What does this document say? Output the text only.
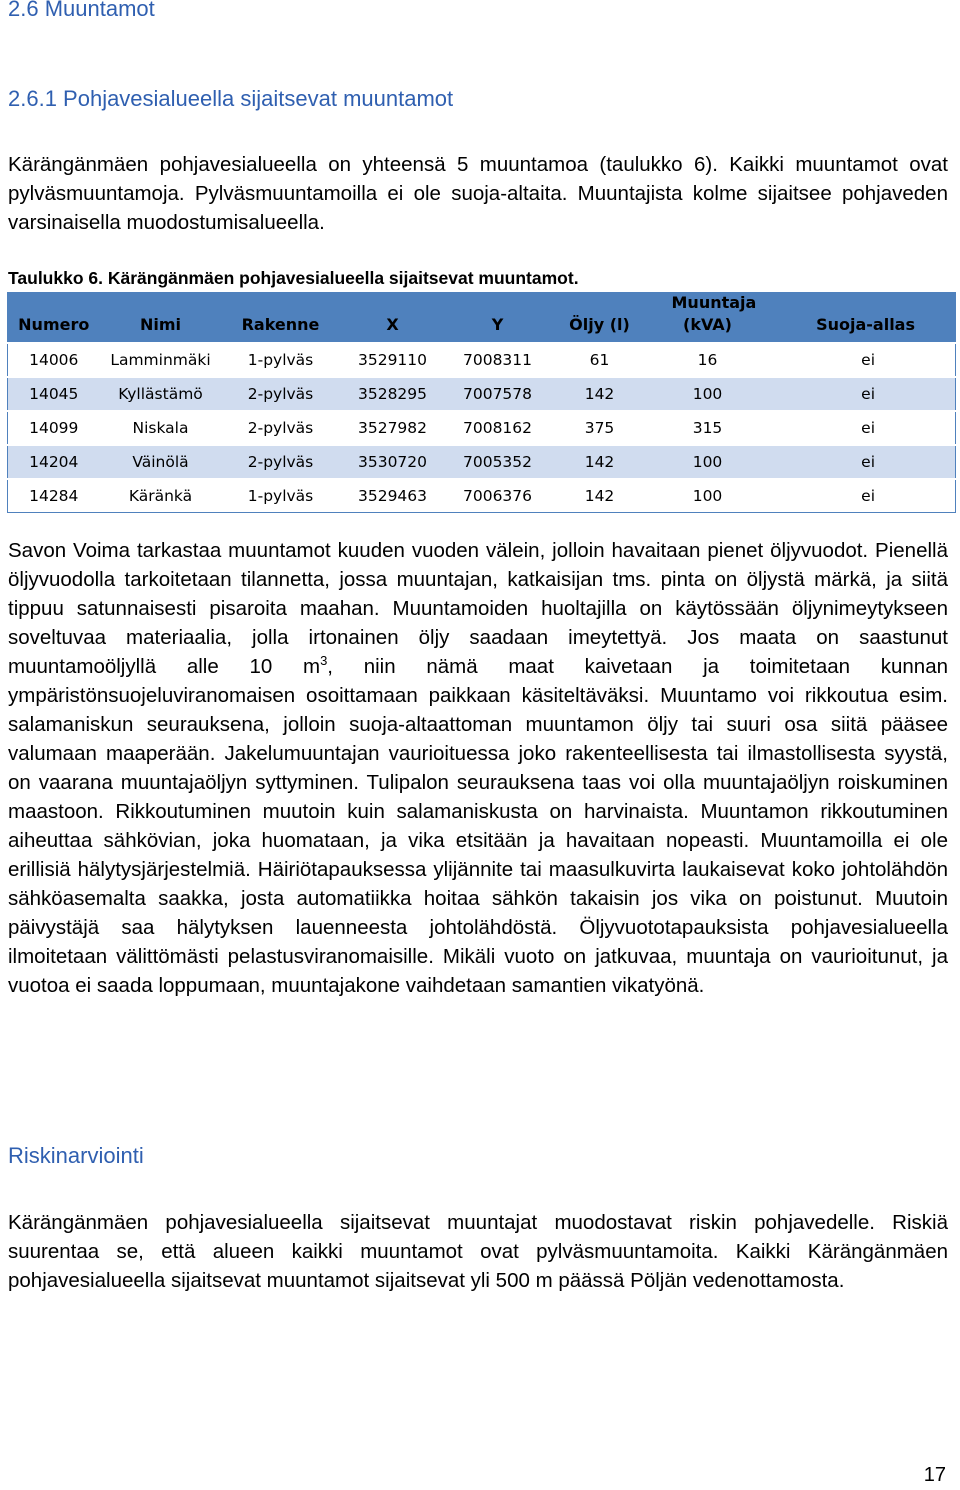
2.6 Muuntamot
2.6.1 Pohjavesialueella sijaitsevat muuntamot

Kärängänmäen pohjavesialueella on yhteensä 5 muuntamoa (taulukko 6). Kaikki muuntamot ovat pylväsmuuntamoja. Pylväsmuuntamoilla ei ole suoja-altaita. Muuntajista kolme sijaitsee pohjaveden varsinaisella muodostumisalueella.

Taulukko 6. Kärängänmäen pohjavesialueella sijaitsevat muuntamot.

Numero	Nimi	Rakenne	X	Y	Öljy (l)	Muuntaja (kVA)	Suoja-allas
14006	Lamminmäki	1-pylväs	3529110	7008311	61	16	ei
14045	Kyllästämö	2-pylväs	3528295	7007578	142	100	ei
14099	Niskala	2-pylväs	3527982	7008162	375	315	ei
14204	Väinölä	2-pylväs	3530720	7005352	142	100	ei
14284	Käränkä	1-pylväs	3529463	7006376	142	100	ei

Savon Voima tarkastaa muuntamot kuuden vuoden välein, jolloin havaitaan pienet öljyvuodot. Pienellä öljyvuodolla tarkoitetaan tilannetta, jossa muuntajan, katkaisijan tms. pinta on öljystä märkä, ja siitä tippuu satunnaisesti pisaroita maahan. Muuntamoiden huoltajilla on käytössään öljynimeytykseen soveltuvaa materiaalia, jolla irtonainen öljy saadaan imeytettyä. Jos maata on saastunut muuntamoöljyllä alle 10 $m^3$, niin nämä maat kaivetaan ja toimitetaan kunnan ympäristönsuojeluviranomaisen osoittamaan paikkaan käsiteltäväksi. Muuntamo voi rikkoutua esim. salamaniskun seurauksena, jolloin suoja-altaattoman muuntamon öljy tai suuri osa siitä pääsee valumaan maaperään. Jakelumuuntajan vaurioituessa joko rakenteellisesta tai ilmastollisesta syystä, on vaarana muuntajaöljyn syttyminen. Tulipalon seurauksena taas voi olla muuntajaöljyn roiskuminen maastoon. Rikkoutuminen muutoin kuin salamaniskusta on harvinaista. Muuntamon rikkoutuminen aiheuttaa sähkövian, joka huomataan, ja vika etsitään ja havaitaan nopeasti. Muuntamoilla ei ole erillisiä hälytysjärjestelmiä. Häiriötapauksessa ylijännite tai maasulkuvirta laukaisevat koko johtolähdön sähköasemalta saakka, josta automatiikka hoitaa sähkön takaisin jos vika on poistunut. Muutoin päivystäjä saa hälytyksen lauenneesta johtolähdöstä. Öljyvuototapauksista pohjavesialueella ilmoitetaan välittömästi pelastusviranomaisille. Mikäli vuoto on jatkuvaa, muuntaja on vaurioitunut, ja vuotoa ei saada loppumaan, muuntajakone vaihdetaan samantien vikatyönä.

Riskinarviointi

Kärängänmäen pohjavesialueella sijaitsevat muuntajat muodostavat riskin pohjavedelle. Riskiä suurentaa se, että alueen kaikki muuntamot ovat pylväsmuuntamoita. Kaikki Kärängänmäen pohjavesialueella sijaitsevat muuntamot sijaitsevat yli 500 m päässä Pöljän vedenottamosta.

17
